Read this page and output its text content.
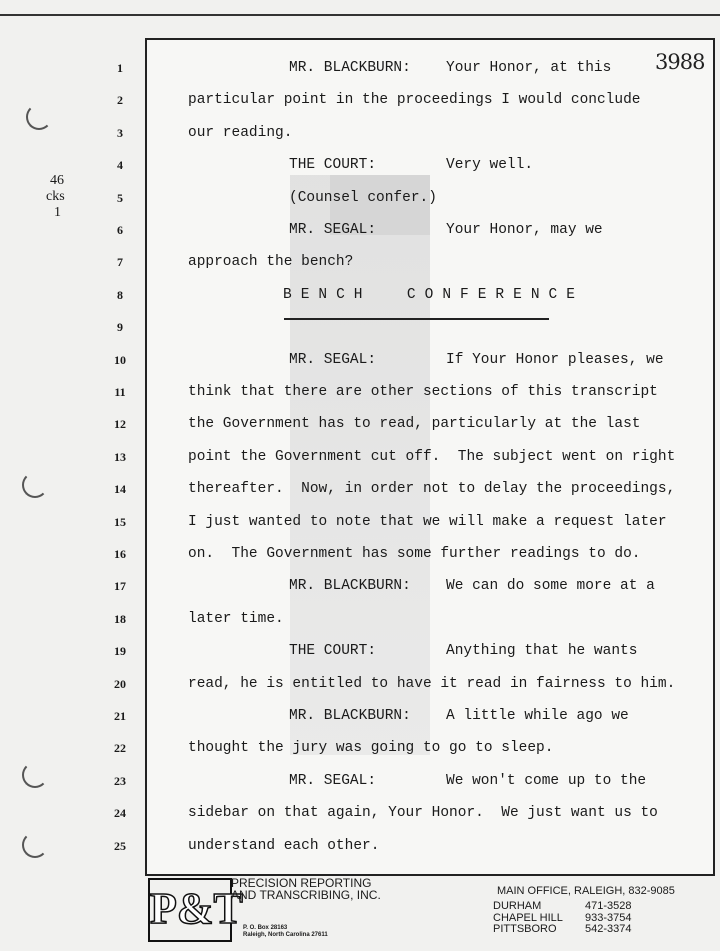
46
cks
1
3988
1	MR. BLACKBURN: Your Honor, at this
2	particular point in the proceedings I would conclude
3	our reading.
4	THE COURT:	Very well.
5	(Counsel confer.)
6	MR. SEGAL:	Your Honor, may we
7	approach the bench?
8	BENCH  CONFERENCE
9
10	MR. SEGAL:	If Your Honor pleases, we
11	think that there are other sections of this transcript
12	the Government has to read, particularly at the last
13	point the Government cut off.  The subject went on right
14	thereafter.  Now, in order not to delay the proceedings,
15	I just wanted to note that we will make a request later
16	on.  The Government has some further readings to do.
17	MR. BLACKBURN: We can do some more at a
18	later time.
19	THE COURT:	Anything that he wants
20	read, he is entitled to have it read in fairness to him.
21	MR. BLACKBURN: A little while ago we
22	thought the jury was going to go to sleep.
23	MR. SEGAL:	We won't come up to the
24	sidebar on that again, Your Honor.  We just want us to
25	understand each other.
P&T
PRECISION REPORTING
AND TRANSCRIBING, INC.
P. O. Box 28163
Raleigh, North Carolina 27611
MAIN OFFICE, RALEIGH, 832-9085
DURHAM	471-3528
CHAPEL HILL	933-3754
PITTSBORO	542-3374
